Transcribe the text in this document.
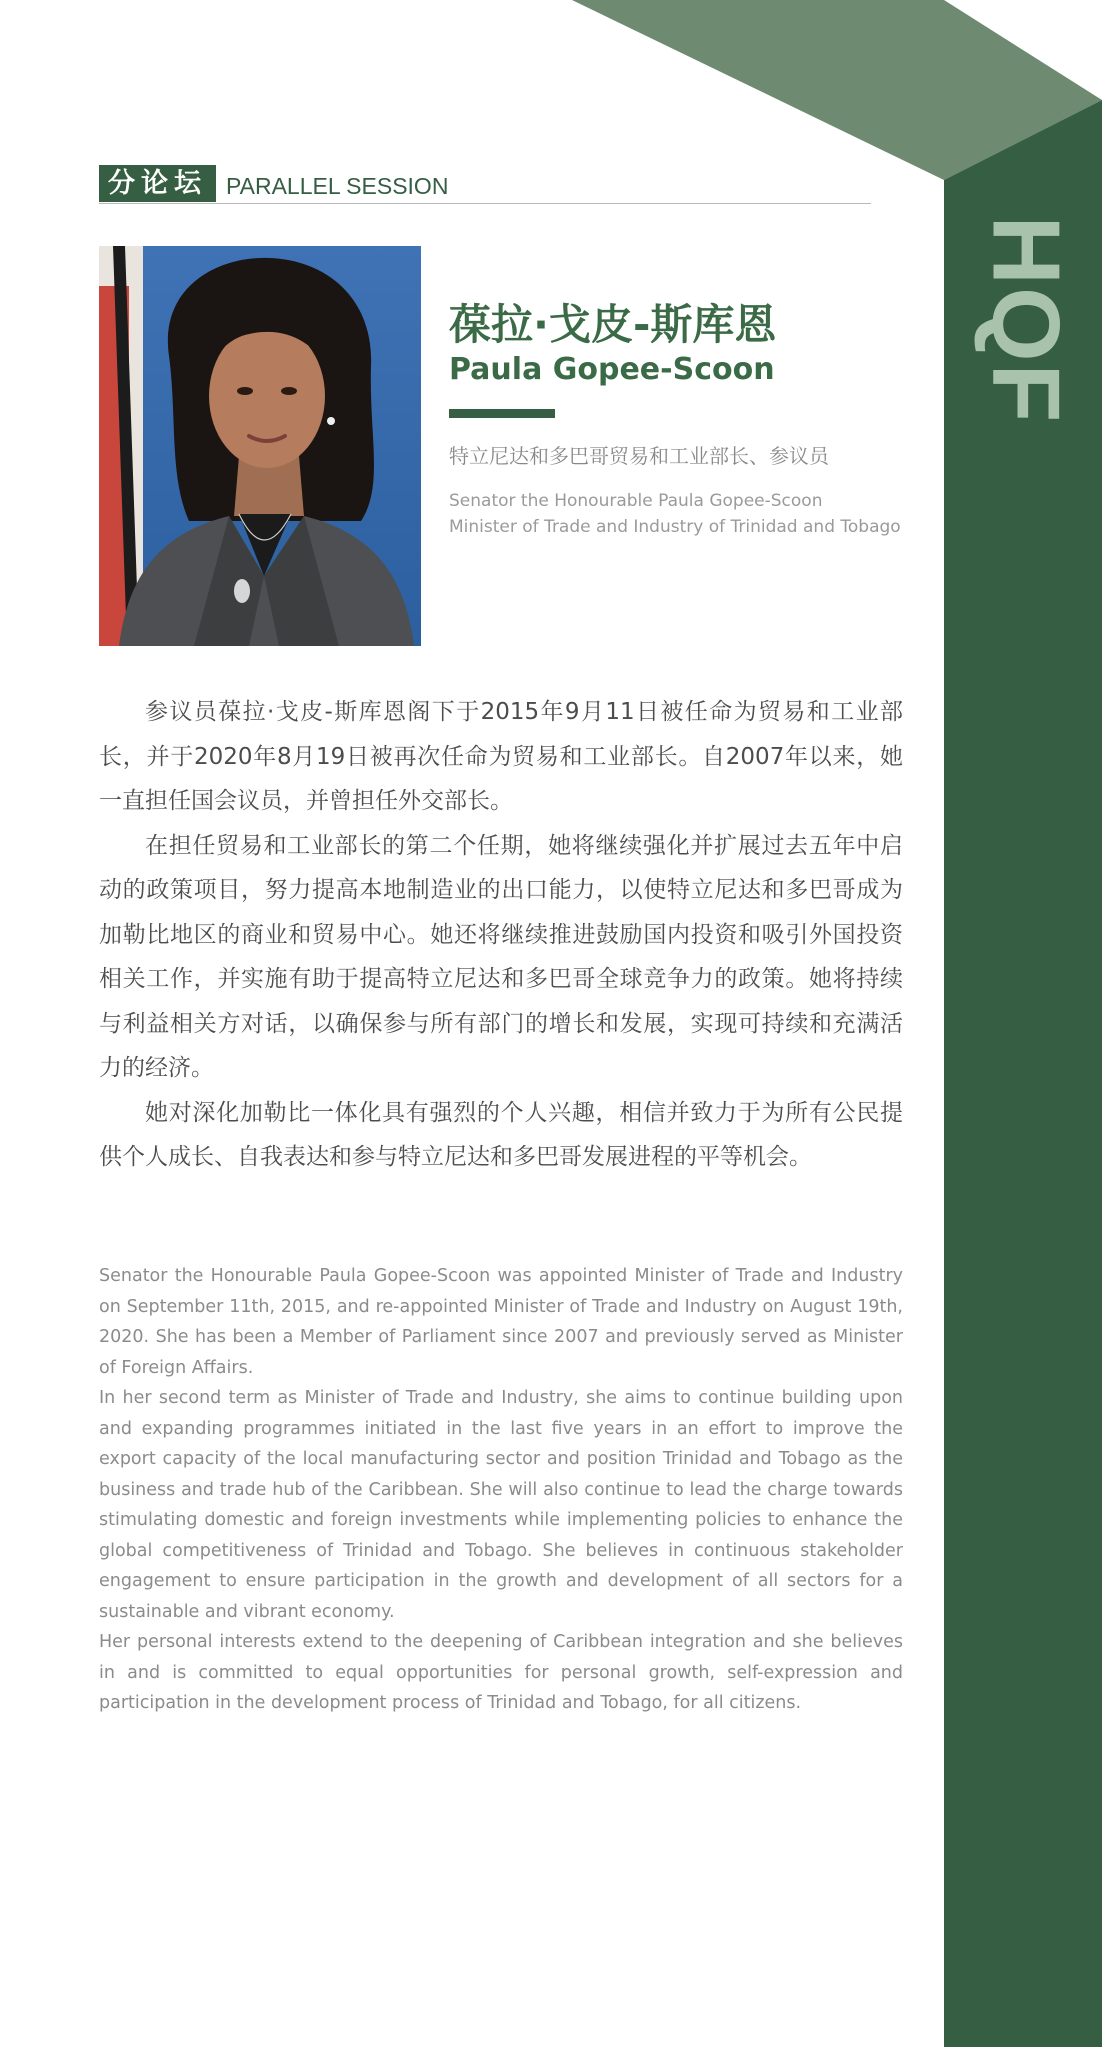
HQF
分论坛 PARALLEL SESSION
葆拉·戈皮-斯库恩
Paula Gopee-Scoon
特立尼达和多巴哥贸易和工业部长、参议员
Senator the Honourable Paula Gopee-Scoon
Minister of Trade and Industry of Trinidad and Tobago

参议员葆拉·戈皮-斯库恩阁下于2015年9月11日被任命为贸易和工业部长，并于2020年8月19日被再次任命为贸易和工业部长。自2007年以来，她一直担任国会议员，并曾担任外交部长。

在担任贸易和工业部长的第二个任期，她将继续强化并扩展过去五年中启动的政策项目，努力提高本地制造业的出口能力，以使特立尼达和多巴哥成为加勒比地区的商业和贸易中心。她还将继续推进鼓励国内投资和吸引外国投资相关工作，并实施有助于提高特立尼达和多巴哥全球竞争力的政策。她将持续与利益相关方对话，以确保参与所有部门的增长和发展，实现可持续和充满活力的经济。

她对深化加勒比一体化具有强烈的个人兴趣，相信并致力于为所有公民提供个人成长、自我表达和参与特立尼达和多巴哥发展进程的平等机会。

Senator the Honourable Paula Gopee-Scoon was appointed Minister of Trade and Industry on September 11th, 2015, and re-appointed Minister of Trade and Industry on August 19th, 2020. She has been a Member of Parliament since 2007 and previously served as Minister of Foreign Affairs.

In her second term as Minister of Trade and Industry, she aims to continue building upon and expanding programmes initiated in the last five years in an effort to improve the export capacity of the local manufacturing sector and position Trinidad and Tobago as the business and trade hub of the Caribbean. She will also continue to lead the charge towards stimulating domestic and foreign investments while implementing policies to enhance the global competitiveness of Trinidad and Tobago. She believes in continuous stakeholder engagement to ensure participation in the growth and development of all sectors for a sustainable and vibrant economy.

Her personal interests extend to the deepening of Caribbean integration and she believes in and is committed to equal opportunities for personal growth, self-expression and participation in the development process of Trinidad and Tobago, for all citizens.
